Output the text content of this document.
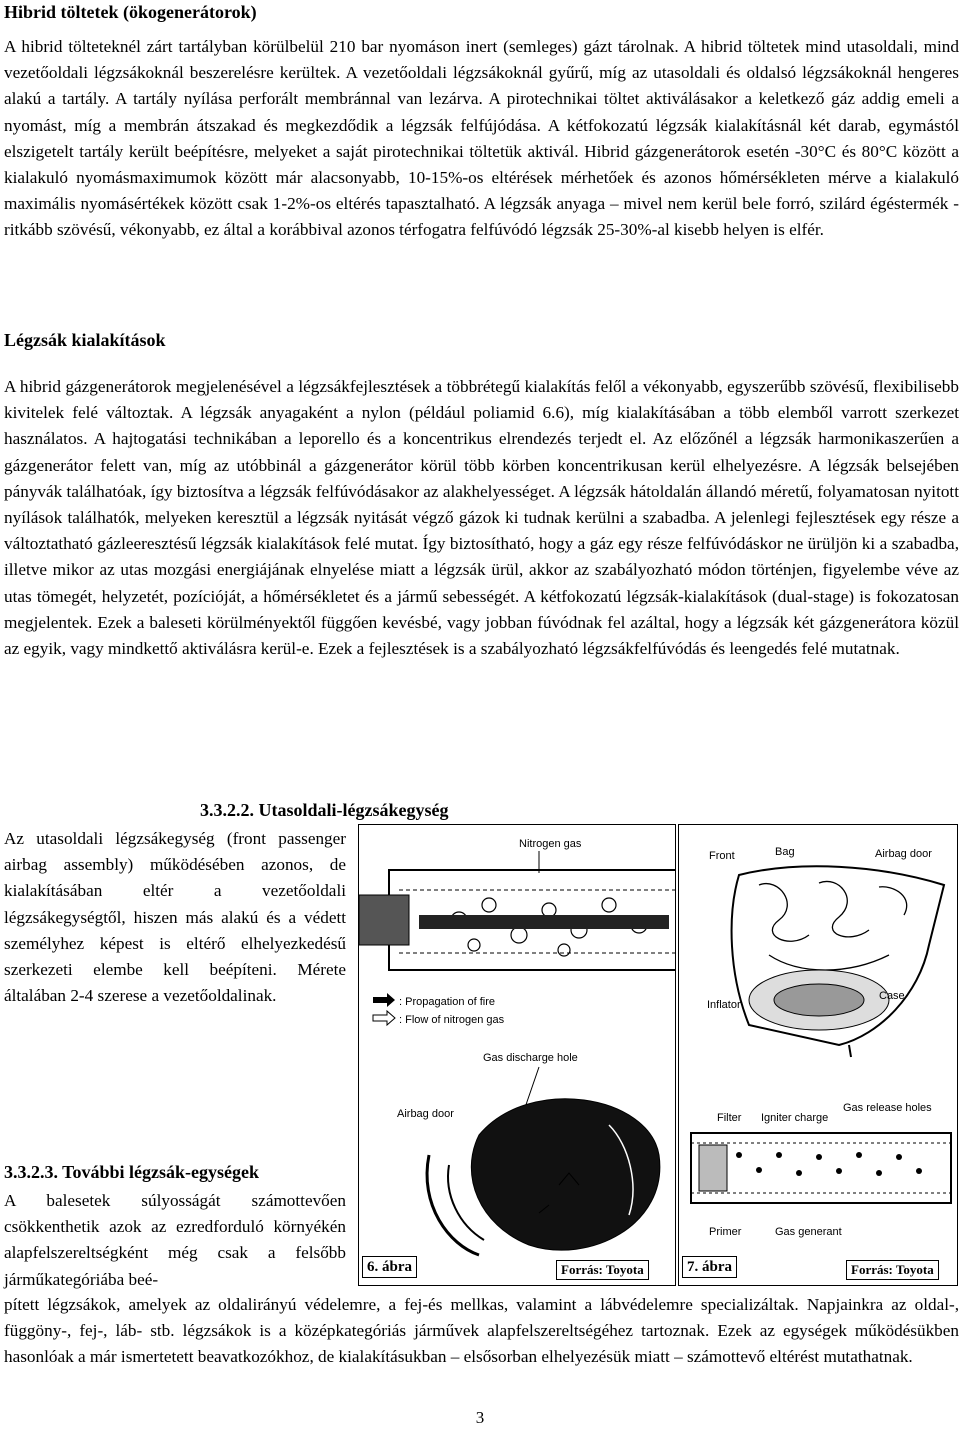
Hibrid töltetek (ökogenerátorok)

A hibrid tölteteknél zárt tartályban körülbelül 210 bar nyomáson inert (semleges) gázt tárolnak. A hibrid töltetek mind utasoldali, mind vezetőoldali légzsákoknál beszerelésre kerültek. A vezetőoldali légzsákoknál gyűrű, míg az utasoldali és oldalsó légzsákoknál hengeres alakú a tartály. A tartály nyílása perforált membránnal van lezárva. A pirotechnikai töltet aktiválásakor a keletkező gáz addig emeli a nyomást, míg a membrán átszakad és megkezdődik a légzsák felfújódása. A kétfokozatú légzsák kialakításnál két darab, egymástól elszigetelt tartály került beépítésre, melyeket a saját pirotechnikai töltetük aktivál. Hibrid gázgenerátorok esetén -30°C és 80°C között a kialakuló nyomásmaximumok között már alacsonyabb, 10-15%-os eltérések mérhetőek és azonos hőmérsékleten mérve a kialakuló maximális nyomásértékek között csak 1-2%-os eltérés tapasztalható. A légzsák anyaga – mivel nem kerül bele forró, szilárd égéstermék - ritkább szövésű, vékonyabb, ez által a korábbival azonos térfogatra felfúvódó légzsák 25-30%-al kisebb helyen is elfér.

Légzsák kialakítások

A hibrid gázgenerátorok megjelenésével a légzsákfejlesztések a többrétegű kialakítás felől a vékonyabb, egyszerűbb szövésű, flexibilisebb kivitelek felé változtak. A légzsák anyagaként a nylon (például poliamid 6.6), míg kialakításában a több elemből varrott szerkezet használatos. A hajtogatási technikában a leporello és a koncentrikus elrendezés terjedt el. Az előzőnél a légzsák harmonikaszerűen a gázgenerátor felett van, míg az utóbbinál a gázgenerátor körül több körben koncentrikusan kerül elhelyezésre. A légzsák belsejében pányvák találhatóak, így biztosítva a légzsák felfúvódásakor az alakhelyességet. A légzsák hátoldalán állandó méretű, folyamatosan nyitott nyílások találhatók, melyeken keresztül a légzsák nyitását végző gázok ki tudnak kerülni a szabadba. A jelenlegi fejlesztések egy része a változtatható gázleeresztésű légzsák kialakítások felé mutat. Így biztosítható, hogy a gáz egy része felfúvódáskor ne ürüljön ki a szabadba, illetve mikor az utas mozgási energiájának elnyelése miatt a légzsák ürül, akkor az szabályozható módon történjen, figyelembe véve az utas tömegét, helyzetét, pozícióját, a hőmérsékletet és a jármű sebességét. A kétfokozatú légzsák-kialakítások (dual-stage) is fokozatosan megjelentek. Ezek a baleseti körülményektől függően kevésbé, vagy jobban fúvódnak fel azáltal, hogy a légzsák két gázgenerátora közül az egyik, vagy mindkettő aktiválásra kerül-e. Ezek a fejlesztések is a szabályozható légzsákfelfúvódás és leengedés felé mutatnak.

3.3.2.2. Utasoldali-légzsákegység

Az utasoldali légzsákegység (front passenger airbag assembly) működésében azonos, de kialakításában eltér a vezetőoldali légzsákegységtől, hiszen más alakú és a védett személyhez képest is eltérő elhelyezkedésű szerkezeti elembe kell beépíteni. Mérete általában 2-4 szerese a vezetőoldalinak.

3.3.2.3. További légzsák-egységek

A balesetek súlyosságát számottevően csökkenthetik azok az ezredforduló környékén alapfelszereltségként még csak a felsőbb járműkategóriába beé-

pített légzsákok, amelyek az oldalirányú védelemre, a fej-és mellkas, valamint a lábvédelemre specializáltak. Napjainkra az oldal-, függöny-, fej-, láb- stb. légzsákok is a középkategóriás járművek alapfelszereltségéhez tartoznak. Ezek az egységek működésükben hasonlóak a már ismertetett beavatkozókhoz, de kialakításukban – elsősorban elhelyezésük miatt – számottevő eltérést mutathatnak.

Nitrogen gas
: Propagation of fire
: Flow of nitrogen gas
Gas discharge hole
Airbag door
6. ábra	Forrás: Toyota
Front	Bag	Airbag door
Inflator
Case
Gas release holes
Filter Igniter charge
Primer	Gas generant
7. ábra	Forrás: Toyota
3
